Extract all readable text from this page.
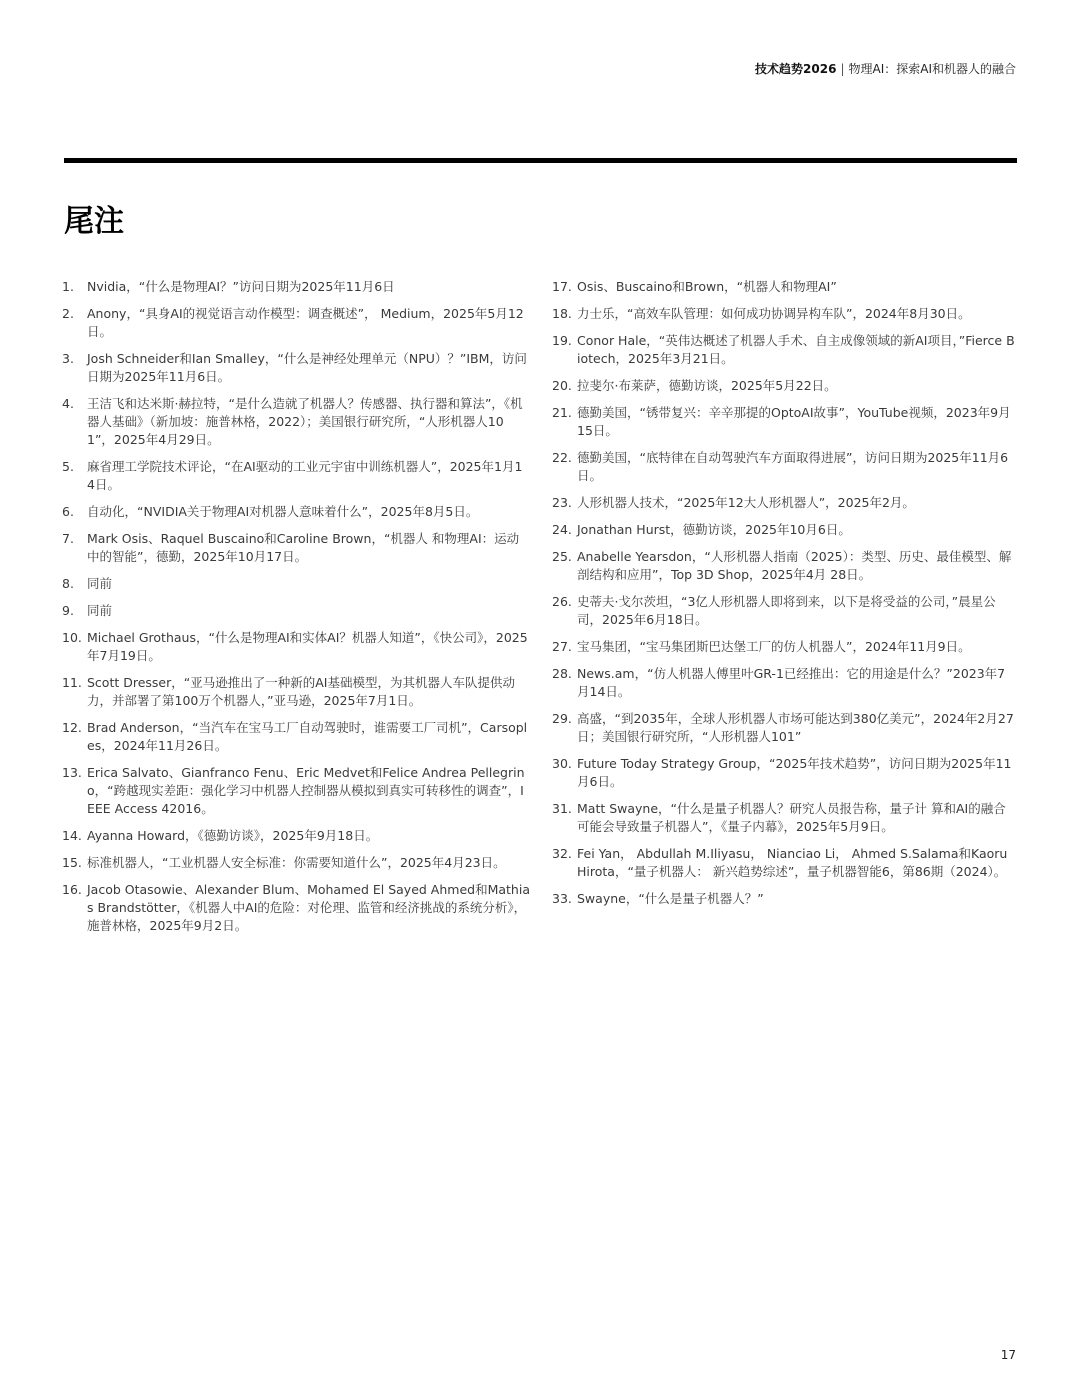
技术趋势2026 | 物理AI：探索AI和机器人的融合
尾注
1.	Nvidia，“什么是物理AI？”访问日期为2025年11月6日
2.	Anony，“具身AI的视觉语言动作模型：调查概述”， Medium，2025年5月12日。
3.	Josh Schneider和Ian Smalley，“什么是神经处理单元（NPU）？”IBM，访问日期为2025年11月6日。
4.	王洁飞和达米斯·赫拉特，“是什么造就了机器人？传感器、执行器和算法”，《机器人基础》（新加坡：施普林格，2022）；美国银行研究所，“人形机器人101”，2025年4月29日。
5.	麻省理工学院技术评论，“在AI驱动的工业元宇宙中训练机器人”，2025年1月14日。
6.	自动化，“NVIDIA关于物理AI对机器人意味着什么”，2025年8月5日。
7.	Mark Osis、Raquel Buscaino和Caroline Brown，“机器人 和物理AI：运动中的智能”，德勤，2025年10月17日。
8.	同前
9.	同前
10. Michael Grothaus，“什么是物理AI和实体AI？机器人知道”，《快公司》，2025年7月19日。
11. Scott Dresser，“亚马逊推出了一种新的AI基础模型，为其机器人车队提供动力，并部署了第100万个机器人，”亚马逊，2025年7月1日。
12. Brad Anderson，“当汽车在宝马工厂自动驾驶时，谁需要工厂司机”，Carsoples，2024年11月26日。
13. Erica Salvato、Gianfranco Fenu、Eric Medvet和Felice Andrea Pellegrino，“跨越现实差距：强化学习中机器人控制器从模拟到真实可转移性的调查”，IEEE Access 42016。
14. Ayanna Howard，《德勤访谈》，2025年9月18日。
15. 标准机器人，“工业机器人安全标准：你需要知道什么”，2025年4月23日。
16. Jacob Otasowie、Alexander Blum、Mohamed El Sayed Ahmed和Mathias Brandstötter，《机器人中AI的危险：对伦理、监管和经济挑战的系统分析》，施普林格，2025年9月2日。
17. Osis、Buscaino和Brown，“机器人和物理AI”
18. 力士乐，“高效车队管理：如何成功协调异构车队”，2024年8月30日。
19. Conor Hale，“英伟达概述了机器人手术、自主成像领域的新AI项目，”Fierce Biotech，2025年3月21日。
20. 拉斐尔·布莱萨，德勤访谈，2025年5月22日。
21. 德勤美国，“锈带复兴：辛辛那提的OptoAI故事”，YouTube视频，2023年9月15日。
22. 德勤美国，“底特律在自动驾驶汽车方面取得进展”，访问日期为2025年11月6日。
23. 人形机器人技术，“2025年12大人形机器人”，2025年2月。
24. Jonathan Hurst，德勤访谈，2025年10月6日。
25. Anabelle Yearsdon，“人形机器人指南（2025）：类型、历史、最佳模型、解剖结构和应用”，Top 3D Shop，2025年4月 28日。
26. 史蒂夫·戈尔茨坦，“3亿人形机器人即将到来，以下是将受益的公司，”晨星公司，2025年6月18日。
27. 宝马集团，“宝马集团斯巴达堡工厂的仿人机器人”，2024年11月9日。
28. News.am，“仿人机器人傅里叶GR-1已经推出：它的用途是什么？”2023年7月14日。
29. 高盛，“到2035年，全球人形机器人市场可能达到380亿美元”，2024年2月27日；美国银行研究所，“人形机器人101”
30. Future Today Strategy Group，“2025年技术趋势”，访问日期为2025年11月6日。
31. Matt Swayne，“什么是量子机器人？研究人员报告称，量子计 算和AI的融合可能会导致量子机器人”，《量子内幕》，2025年5月9日。
32. Fei Yan， Abdullah M.Iliyasu， Nianciao Li， Ahmed S.Salama和Kaoru Hirota，“量子机器人： 新兴趋势综述”，量子机器智能6，第86期（2024）。
33. Swayne，“什么是量子机器人？”
17
